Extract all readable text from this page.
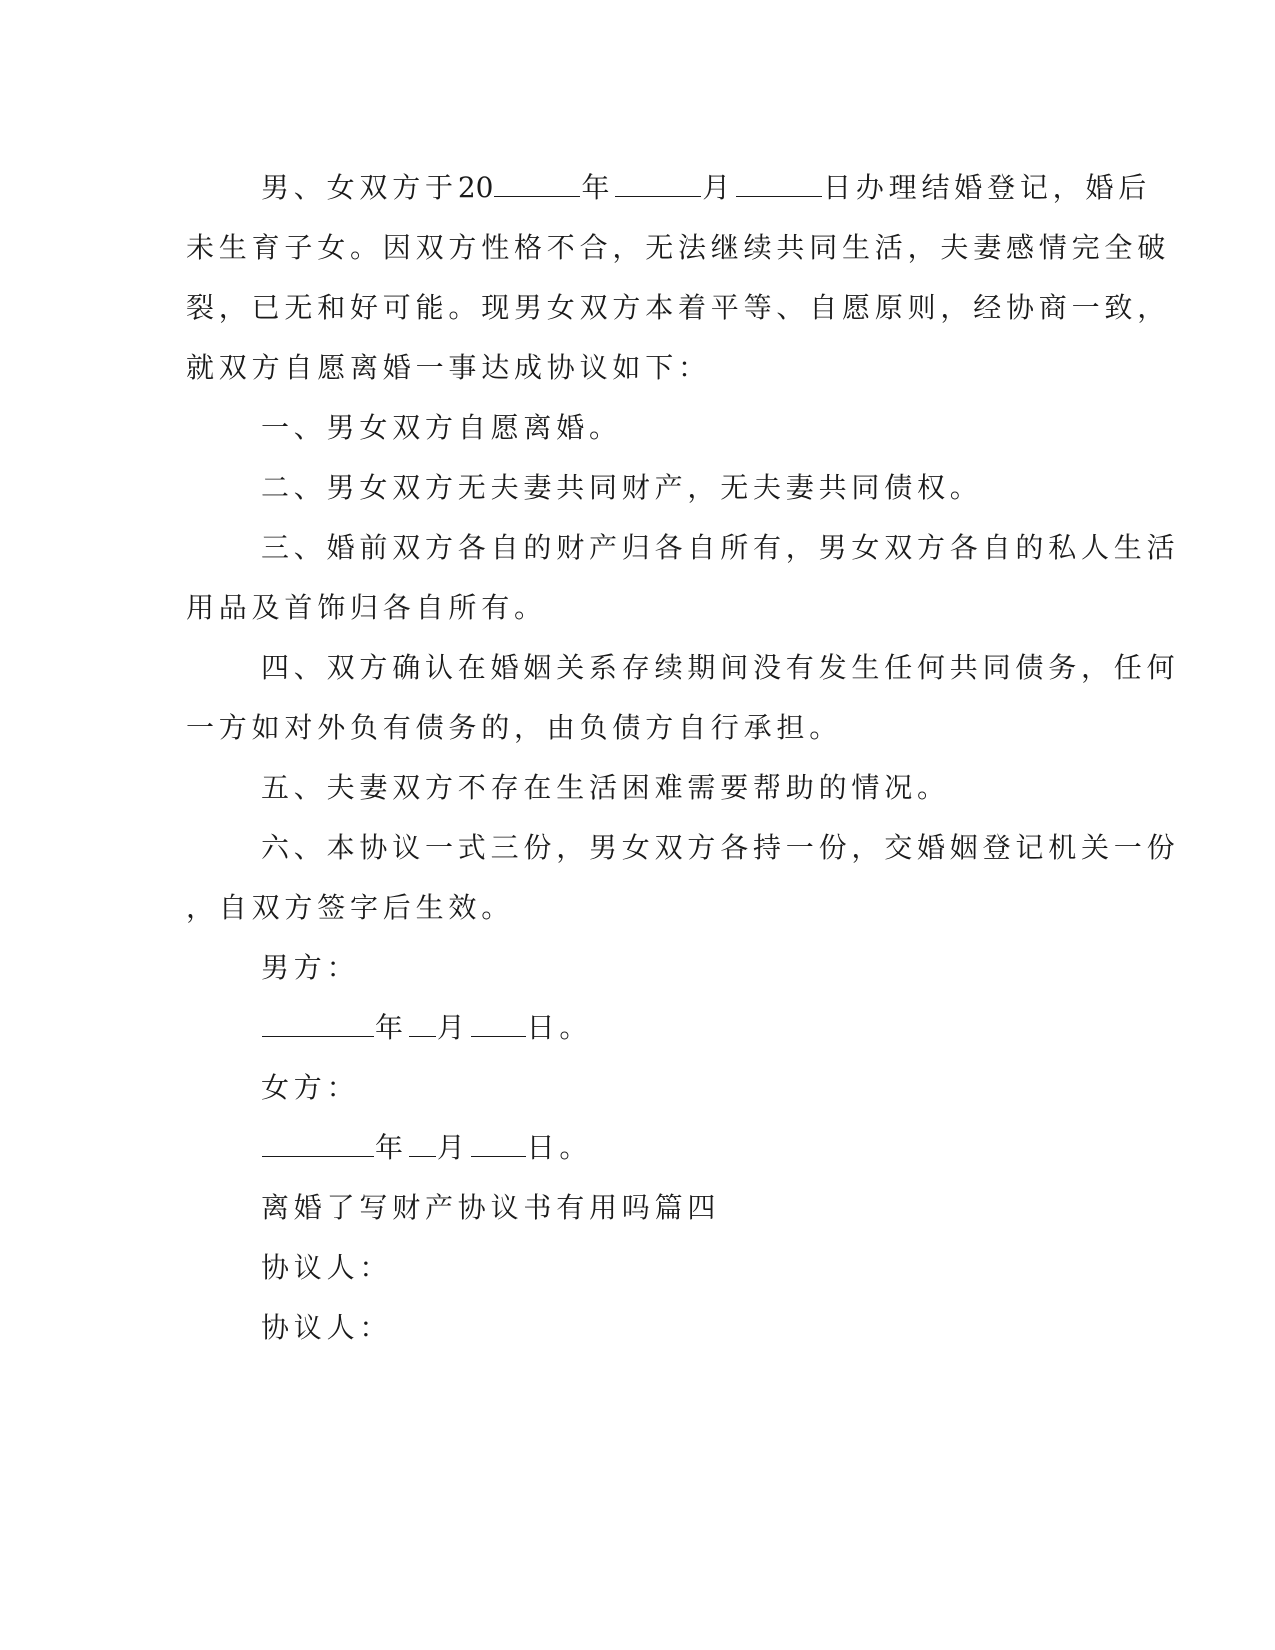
男、女双方于20	年	月	日办理结婚登记，婚后
未生育子女。因双方性格不合，无法继续共同生活，夫妻感情完全破
裂，已无和好可能。现男女双方本着平等、自愿原则，经协商一致，
就双方自愿离婚一事达成协议如下：
一、男女双方自愿离婚。
二、男女双方无夫妻共同财产，无夫妻共同债权。
三、婚前双方各自的财产归各自所有，男女双方各自的私人生活
用品及首饰归各自所有。
四、双方确认在婚姻关系存续期间没有发生任何共同债务，任何
一方如对外负有债务的，由负债方自行承担。
五、夫妻双方不存在生活困难需要帮助的情况。
六、本协议一式三份，男女双方各持一份，交婚姻登记机关一份
，自双方签字后生效。
男方：
年 月 日。
女方：
年 月 日。
离婚了写财产协议书有用吗篇四
协议人：
协议人：
